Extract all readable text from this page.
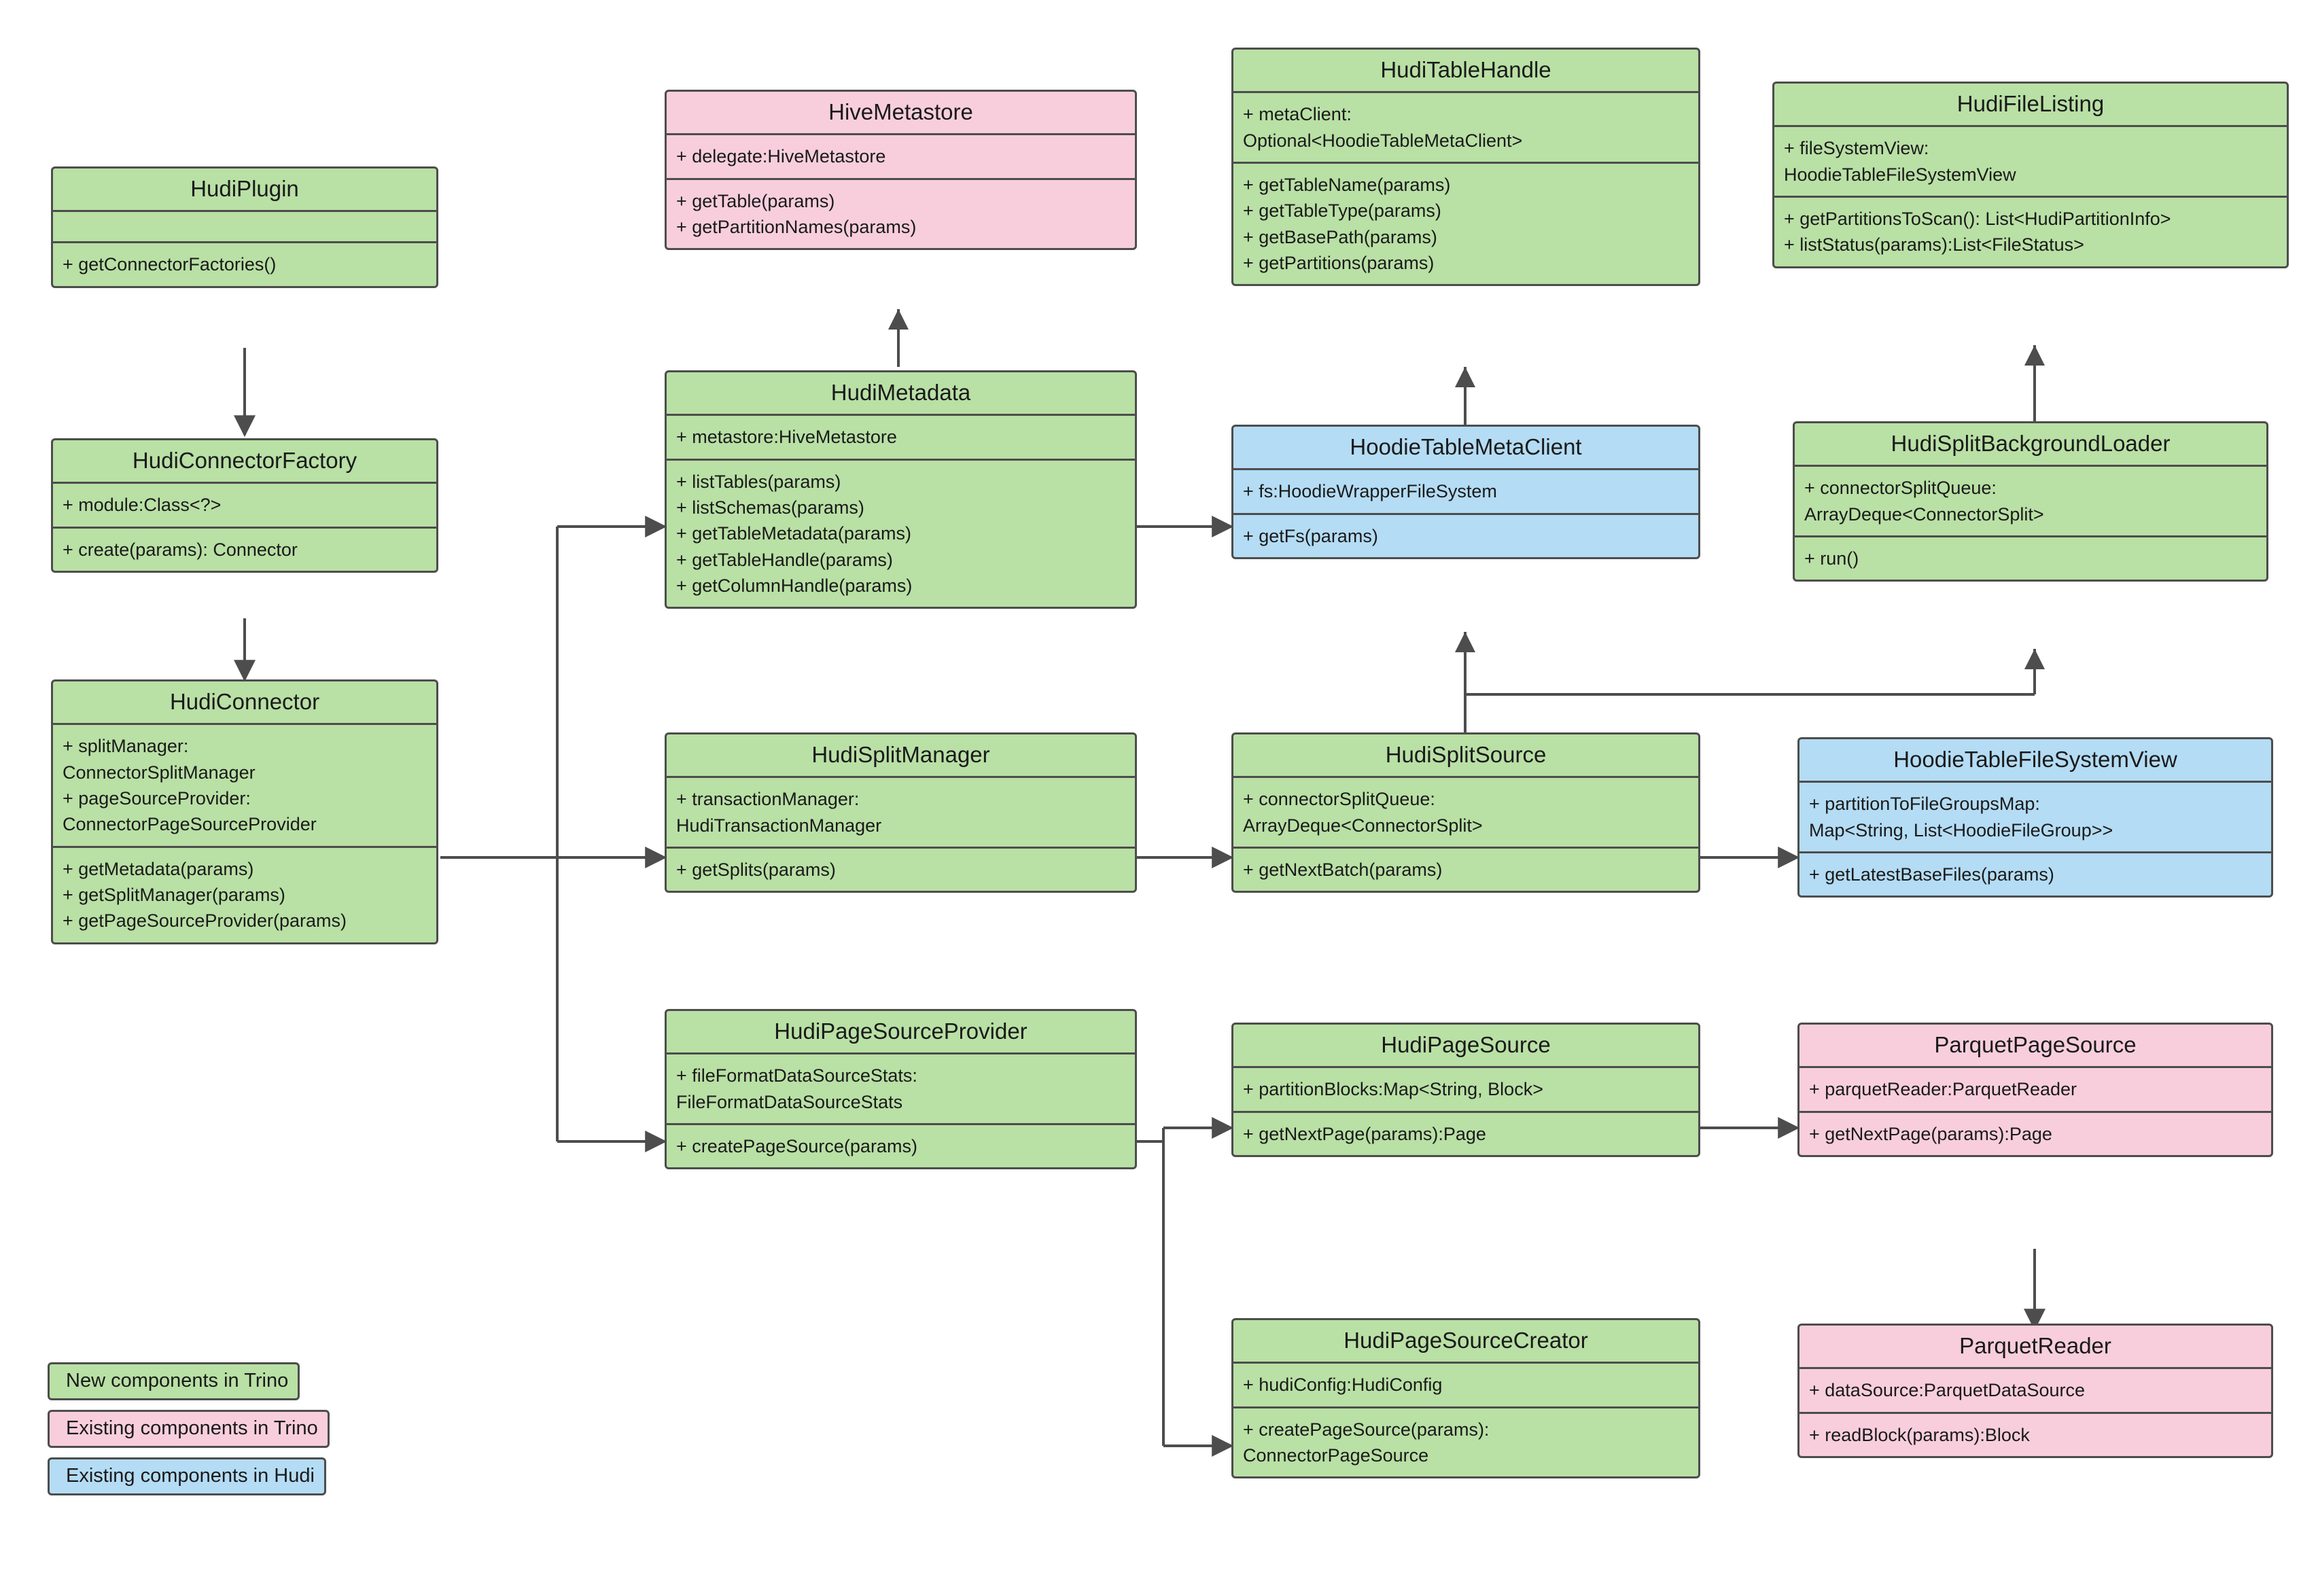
HudiPlugin
+ getConnectorFactories()
HudiConnectorFactory
+ module:Class<?>
+ create(params): Connector
HudiConnector
+ splitManager:
ConnectorSplitManager
+ pageSourceProvider:
ConnectorPageSourceProvider
+ getMetadata(params)
+ getSplitManager(params)
+ getPageSourceProvider(params)
HiveMetastore
+ delegate:HiveMetastore
+ getTable(params)
+ getPartitionNames(params)
HudiMetadata
+ metastore:HiveMetastore
+ listTables(params)
+ listSchemas(params)
+ getTableMetadata(params)
+ getTableHandle(params)
+ getColumnHandle(params)
HudiSplitManager
+ transactionManager:
HudiTransactionManager
+ getSplits(params)
HudiPageSourceProvider
+ fileFormatDataSourceStats:
FileFormatDataSourceStats
+ createPageSource(params)
HudiTableHandle
+ metaClient:
Optional<HoodieTableMetaClient>
+ getTableName(params)
+ getTableType(params)
+ getBasePath(params)
+ getPartitions(params)
HoodieTableMetaClient
+ fs:HoodieWrapperFileSystem
+ getFs(params)
HudiSplitSource
+ connectorSplitQueue:
ArrayDeque<ConnectorSplit>
+ getNextBatch(params)
HudiPageSource
+ partitionBlocks:Map<String, Block>
+ getNextPage(params):Page
HudiPageSourceCreator
+ hudiConfig:HudiConfig
+ createPageSource(params):
ConnectorPageSource
HudiFileListing
+ fileSystemView:
HoodieTableFileSystemView
+ getPartitionsToScan(): List<HudiPartitionInfo>
+ listStatus(params):List<FileStatus>
HudiSplitBackgroundLoader
+ connectorSplitQueue:
ArrayDeque<ConnectorSplit>
+ run()
HoodieTableFileSystemView
+ partitionToFileGroupsMap:
Map<String, List<HoodieFileGroup>>
+ getLatestBaseFiles(params)
ParquetPageSource
+ parquetReader:ParquetReader
+ getNextPage(params):Page
ParquetReader
+ dataSource:ParquetDataSource
+ readBlock(params):Block
New components in Trino
Existing components in Trino
Existing components in Hudi
